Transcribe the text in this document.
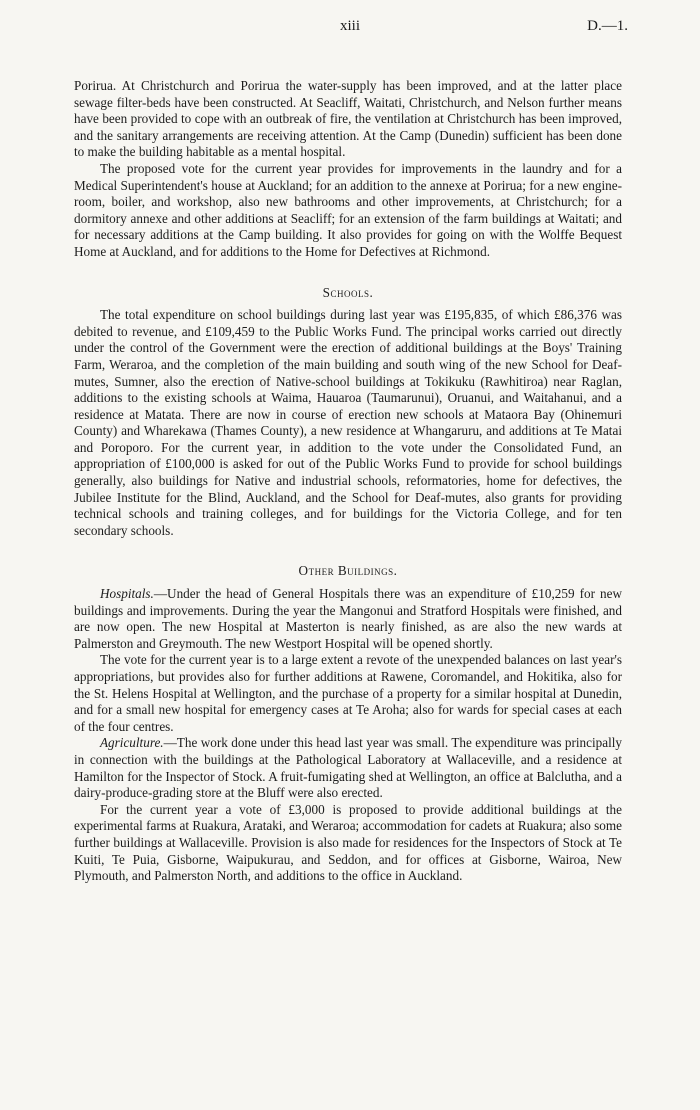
xiii	D.—1.

Porirua. At Christchurch and Porirua the water-supply has been improved, and at the latter place sewage filter-beds have been constructed. At Seacliff, Waitati, Christchurch, and Nelson further means have been provided to cope with an outbreak of fire, the ventilation at Christchurch has been improved, and the sanitary arrangements are receiving attention. At the Camp (Dunedin) sufficient has been done to make the building habitable as a mental hospital.

The proposed vote for the current year provides for improvements in the laundry and for a Medical Superintendent's house at Auckland; for an addition to the annexe at Porirua; for a new engine-room, boiler, and workshop, also new bathrooms and other improvements, at Christchurch; for a dormitory annexe and other additions at Seacliff; for an extension of the farm buildings at Waitati; and for necessary additions at the Camp building. It also provides for going on with the Wolffe Bequest Home at Auckland, and for additions to the Home for Defectives at Richmond.

Schools.

The total expenditure on school buildings during last year was £195,835, of which £86,376 was debited to revenue, and £109,459 to the Public Works Fund. The principal works carried out directly under the control of the Government were the erection of additional buildings at the Boys' Training Farm, Weraroa, and the completion of the main building and south wing of the new School for Deaf-mutes, Sumner, also the erection of Native-school buildings at Tokikuku (Rawhitiroa) near Raglan, additions to the existing schools at Waima, Hauaroa (Taumarunui), Oruanui, and Waitahanui, and a residence at Matata. There are now in course of erection new schools at Mataora Bay (Ohinemuri County) and Wharekawa (Thames County), a new residence at Whangaruru, and additions at Te Matai and Poroporo. For the current year, in addition to the vote under the Consolidated Fund, an appropriation of £100,000 is asked for out of the Public Works Fund to provide for school buildings generally, also buildings for Native and industrial schools, reformatories, home for defectives, the Jubilee Institute for the Blind, Auckland, and the School for Deaf-mutes, also grants for providing technical schools and training colleges, and for buildings for the Victoria College, and for ten secondary schools.

Other Buildings.

Hospitals.—Under the head of General Hospitals there was an expenditure of £10,259 for new buildings and improvements. During the year the Mangonui and Stratford Hospitals were finished, and are now open. The new Hospital at Masterton is nearly finished, as are also the new wards at Palmerston and Greymouth. The new Westport Hospital will be opened shortly.

The vote for the current year is to a large extent a revote of the unexpended balances on last year's appropriations, but provides also for further additions at Rawene, Coromandel, and Hokitika, also for the St. Helens Hospital at Wellington, and the purchase of a property for a similar hospital at Dunedin, and for a small new hospital for emergency cases at Te Aroha; also for wards for special cases at each of the four centres.

Agriculture.—The work done under this head last year was small. The expenditure was principally in connection with the buildings at the Pathological Laboratory at Wallaceville, and a residence at Hamilton for the Inspector of Stock. A fruit-fumigating shed at Wellington, an office at Balclutha, and a dairy-produce-grading store at the Bluff were also erected.

For the current year a vote of £3,000 is proposed to provide additional buildings at the experimental farms at Ruakura, Arataki, and Weraroa; accommodation for cadets at Ruakura; also some further buildings at Wallaceville. Provision is also made for residences for the Inspectors of Stock at Te Kuiti, Te Puia, Gisborne, Waipukurau, and Seddon, and for offices at Gisborne, Wairoa, New Plymouth, and Palmerston North, and additions to the office in Auckland.
